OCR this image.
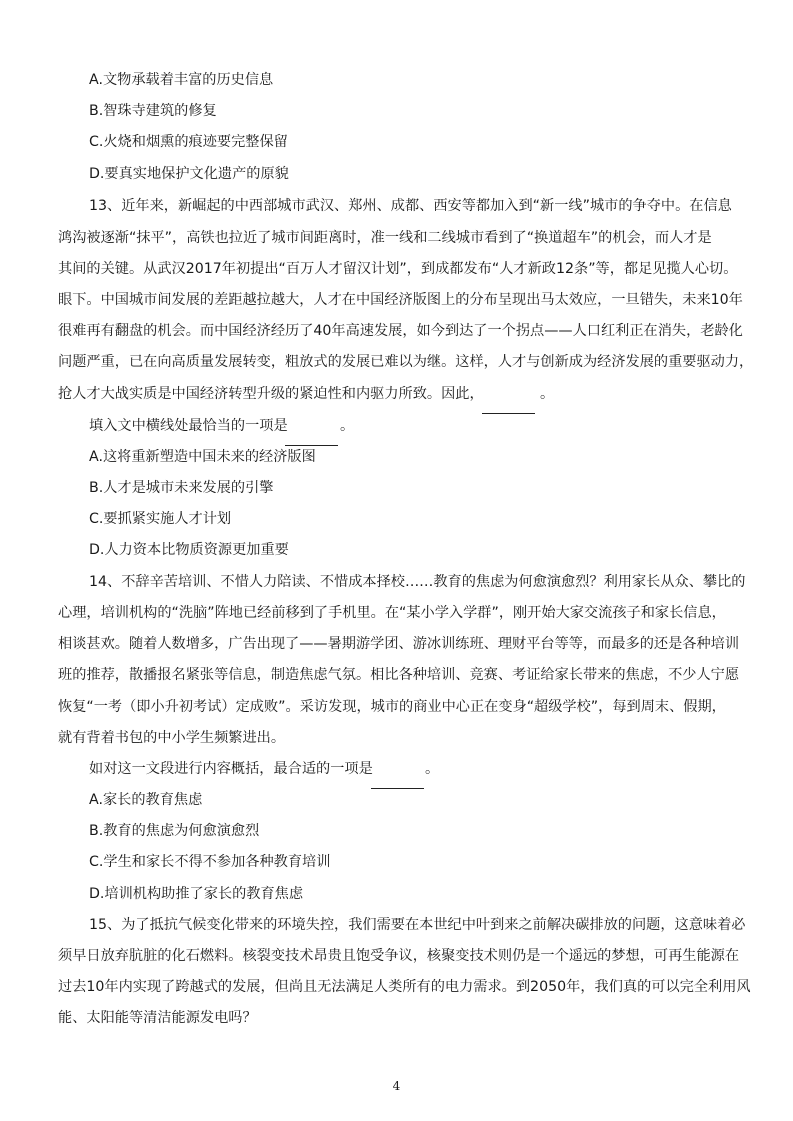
A.文物承载着丰富的历史信息
B.智珠寺建筑的修复
C.火烧和烟熏的痕迹要完整保留
D.要真实地保护文化遗产的原貌
13、近年来，新崛起的中西部城市武汉、郑州、成都、西安等都加入到“新一线”城市的争夺中。在信息
鸿沟被逐渐“抹平”，高铁也拉近了城市间距离时，准一线和二线城市看到了“换道超车”的机会，而人才是
其间的关键。从武汉2017年初提出“百万人才留汉计划”，到成都发布“人才新政12条”等，都足见揽人心切。
眼下。中国城市间发展的差距越拉越大，人才在中国经济版图上的分布呈现出马太效应，一旦错失，未来10年
很难再有翻盘的机会。而中国经济经历了40年高速发展，如今到达了一个拐点——人口红利正在消失，老龄化
问题严重，已在向高质量发展转变，粗放式的发展已难以为继。这样，人才与创新成为经济发展的重要驱动力，
抢人才大战实质是中国经济转型升级的紧迫性和内驱力所致。因此，	。
填入文中横线处最恰当的一项是	。
A.这将重新塑造中国未来的经济版图
B.人才是城市未来发展的引擎
C.要抓紧实施人才计划
D.人力资本比物质资源更加重要
14、不辞辛苦培训、不惜人力陪读、不惜成本择校……教育的焦虑为何愈演愈烈？利用家长从众、攀比的
心理，培训机构的“洗脑”阵地已经前移到了手机里。在“某小学入学群”，刚开始大家交流孩子和家长信息，
相谈甚欢。随着人数增多，广告出现了——暑期游学团、游冰训练班、理财平台等等，而最多的还是各种培训
班的推荐，散播报名紧张等信息，制造焦虑气氛。相比各种培训、竞赛、考证给家长带来的焦虑，不少人宁愿
恢复“一考（即小升初考试）定成败”。采访发现，城市的商业中心正在变身“超级学校”，每到周末、假期，
就有背着书包的中小学生频繁进出。
如对这一文段进行内容概括，最合适的一项是	。
A.家长的教育焦虑
B.教育的焦虑为何愈演愈烈
C.学生和家长不得不参加各种教育培训
D.培训机构助推了家长的教育焦虑
15、为了抵抗气候变化带来的环境失控，我们需要在本世纪中叶到来之前解决碳排放的问题，这意味着必
须早日放弃肮脏的化石燃料。核裂变技术昂贵且饱受争议，核聚变技术则仍是一个遥远的梦想，可再生能源在
过去10年内实现了跨越式的发展，但尚且无法满足人类所有的电力需求。到2050年，我们真的可以完全利用风
能、太阳能等清洁能源发电吗？
4
